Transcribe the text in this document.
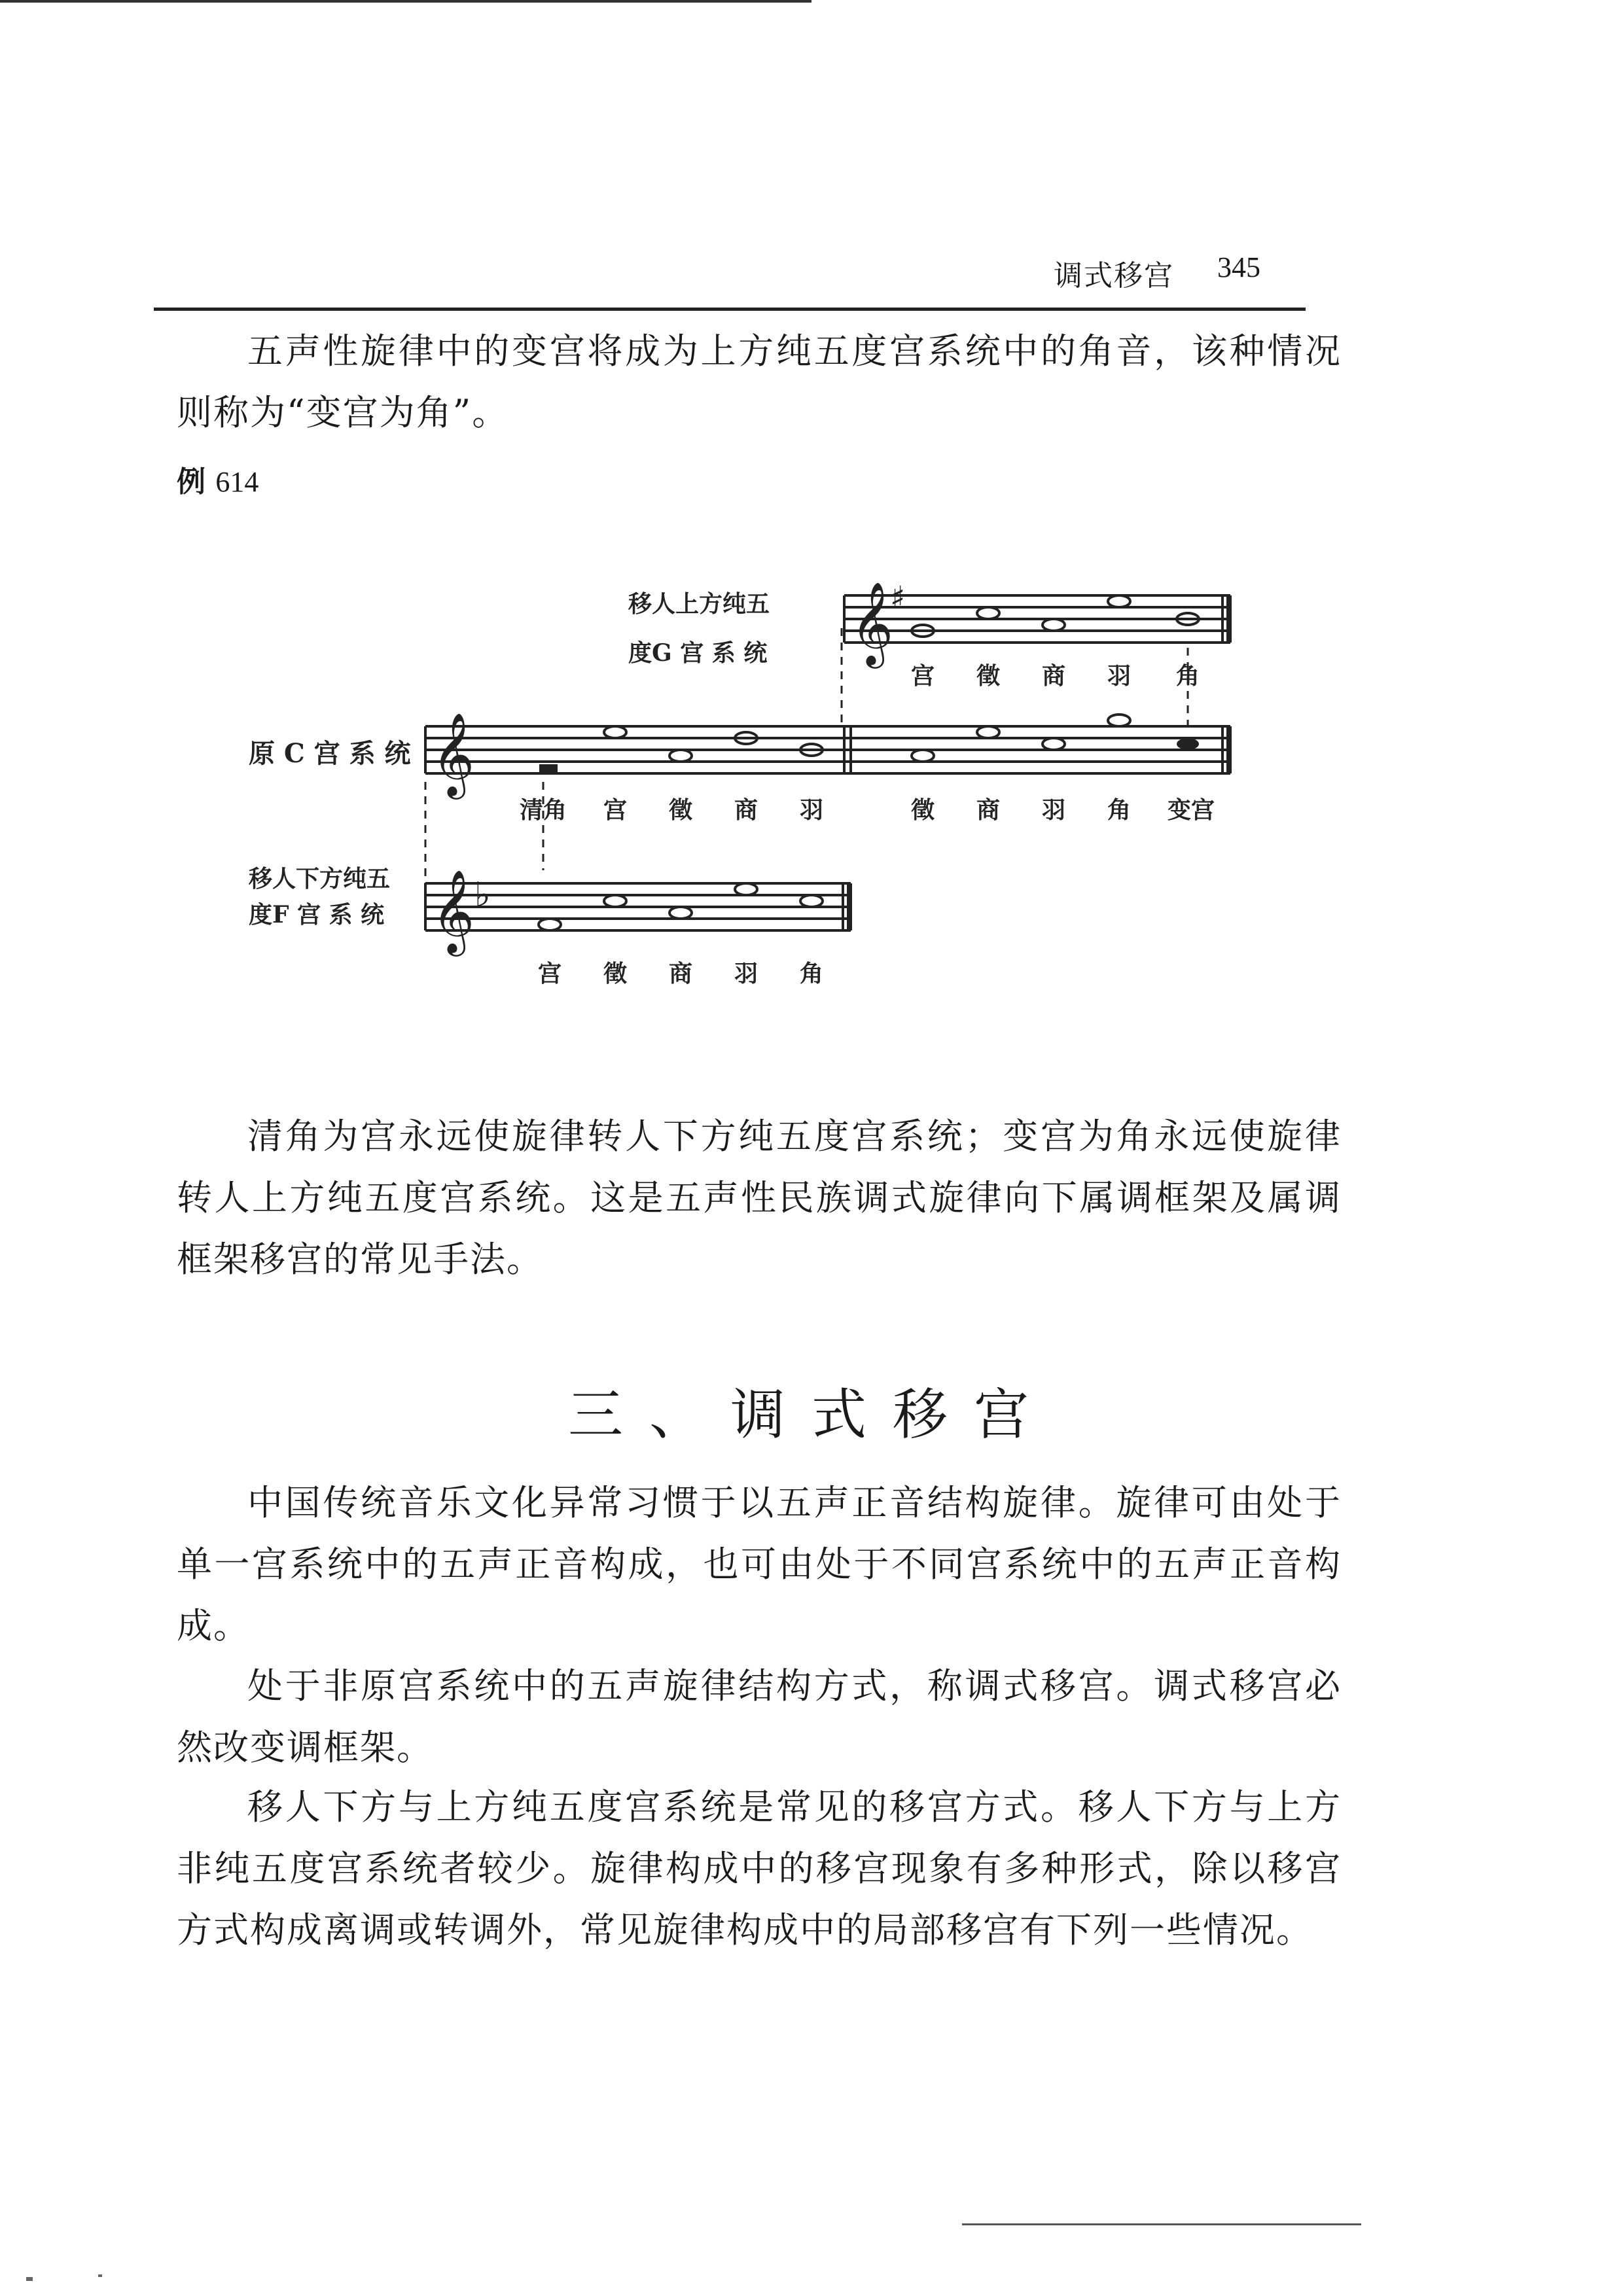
调式移宫 345
五声性旋律中的变宫将成为上方纯五度宫系统中的角音，该种情况则称为“变宫为角”。
例 614
𝄞
♯
𝄞
𝄞 ♭
移人上方纯五
度G 宫 系 统
原 C 宫 系 统
移人下方纯五
度F 宫 系 统
宫 徵 商 羽 角
清角 宫 徵 商 羽	徵 商 羽 角 变宫
宫 徵 商 羽 角
清角为宫永远使旋律转人下方纯五度宫系统；变宫为角永远使旋律转人上方纯五度宫系统。这是五声性民族调式旋律向下属调框架及属调框架移宫的常见手法。
三、调式移宫
中国传统音乐文化异常习惯于以五声正音结构旋律。旋律可由处于单一宫系统中的五声正音构成，也可由处于不同宫系统中的五声正音构成。
处于非原宫系统中的五声旋律结构方式，称调式移宫。调式移宫必然改变调框架。
移人下方与上方纯五度宫系统是常见的移宫方式。移人下方与上方非纯五度宫系统者较少。旋律构成中的移宫现象有多种形式，除以移宫方式构成离调或转调外，常见旋律构成中的局部移宫有下列一些情况。
